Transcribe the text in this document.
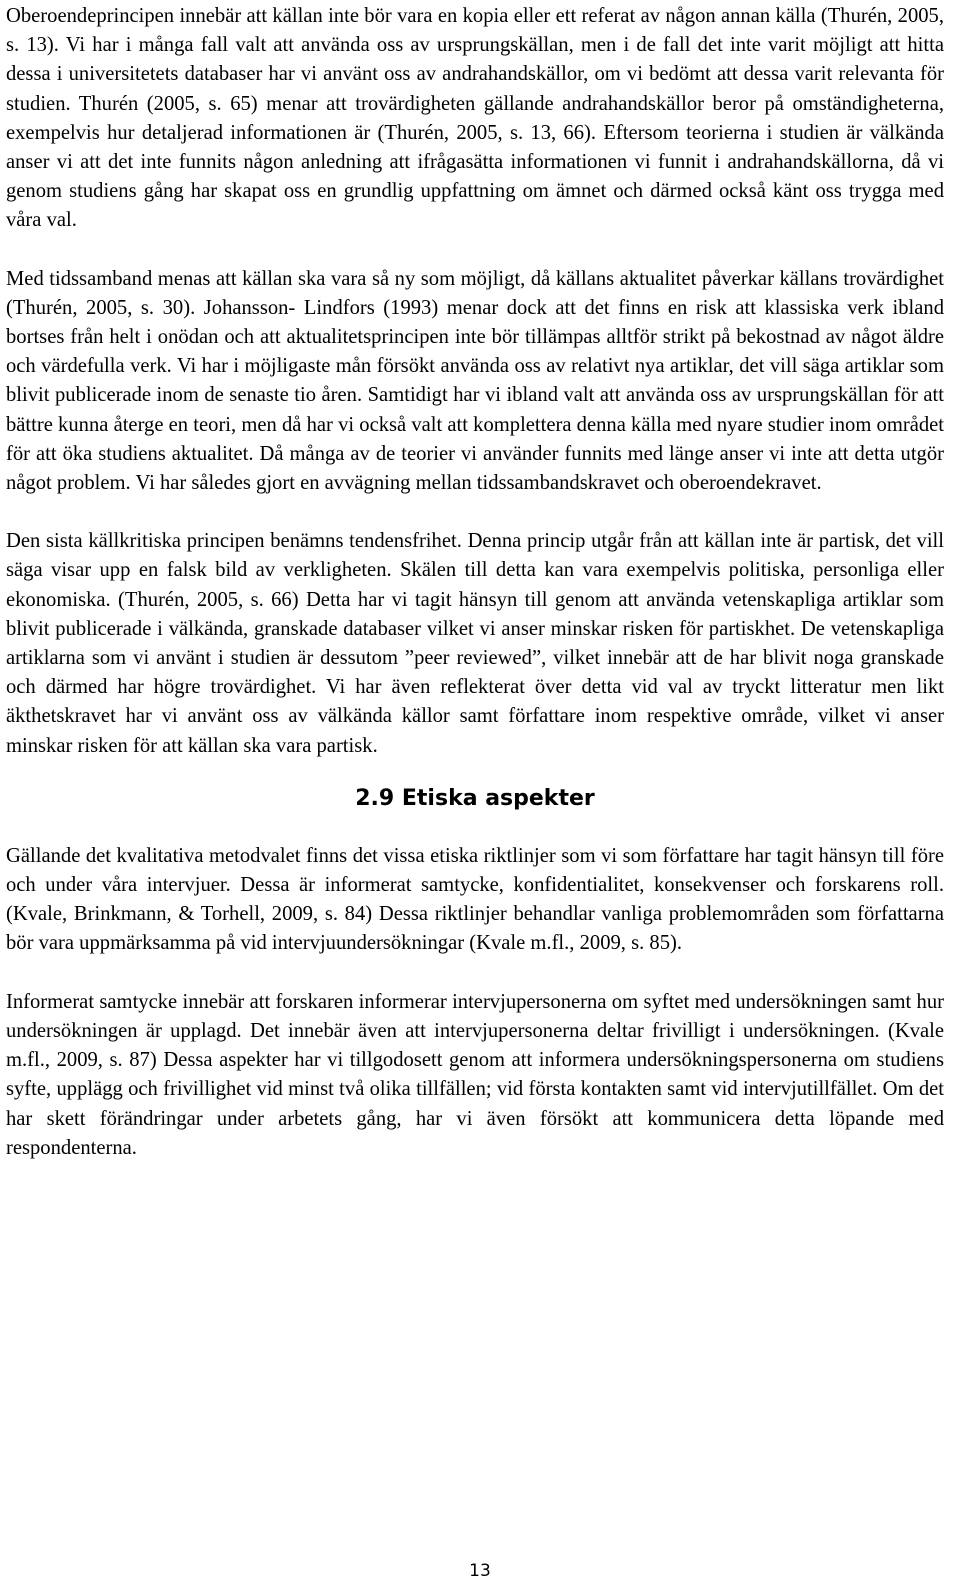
Oberoendeprincipen innebär att källan inte bör vara en kopia eller ett referat av någon annan källa (Thurén, 2005, s. 13). Vi har i många fall valt att använda oss av ursprungskällan, men i de fall det inte varit möjligt att hitta dessa i universitetets databaser har vi använt oss av andrahandskällor, om vi bedömt att dessa varit relevanta för studien. Thurén (2005, s. 65) menar att trovärdigheten gällande andrahandskällor beror på omständigheterna, exempelvis hur detaljerad informationen är (Thurén, 2005, s. 13, 66). Eftersom teorierna i studien är välkända anser vi att det inte funnits någon anledning att ifrågasätta informationen vi funnit i andrahandskällorna, då vi genom studiens gång har skapat oss en grundlig uppfattning om ämnet och därmed också känt oss trygga med våra val.

Med tidssamband menas att källan ska vara så ny som möjligt, då källans aktualitet påverkar källans trovärdighet (Thurén, 2005, s. 30). Johansson- Lindfors (1993) menar dock att det finns en risk att klassiska verk ibland bortses från helt i onödan och att aktualitetsprincipen inte bör tillämpas alltför strikt på bekostnad av något äldre och värdefulla verk. Vi har i möjligaste mån försökt använda oss av relativt nya artiklar, det vill säga artiklar som blivit publicerade inom de senaste tio åren. Samtidigt har vi ibland valt att använda oss av ursprungskällan för att bättre kunna återge en teori, men då har vi också valt att komplettera denna källa med nyare studier inom området för att öka studiens aktualitet. Då många av de teorier vi använder funnits med länge anser vi inte att detta utgör något problem. Vi har således gjort en avvägning mellan tidssambandskravet och oberoendekravet.

Den sista källkritiska principen benämns tendensfrihet. Denna princip utgår från att källan inte är partisk, det vill säga visar upp en falsk bild av verkligheten. Skälen till detta kan vara exempelvis politiska, personliga eller ekonomiska. (Thurén, 2005, s. 66) Detta har vi tagit hänsyn till genom att använda vetenskapliga artiklar som blivit publicerade i välkända, granskade databaser vilket vi anser minskar risken för partiskhet. De vetenskapliga artiklarna som vi använt i studien är dessutom ”peer reviewed”, vilket innebär att de har blivit noga granskade och därmed har högre trovärdighet. Vi har även reflekterat över detta vid val av tryckt litteratur men likt äkthetskravet har vi använt oss av välkända källor samt författare inom respektive område, vilket vi anser minskar risken för att källan ska vara partisk.

2.9 Etiska aspekter

Gällande det kvalitativa metodvalet finns det vissa etiska riktlinjer som vi som författare har tagit hänsyn till före och under våra intervjuer. Dessa är informerat samtycke, konfidentialitet, konsekvenser och forskarens roll. (Kvale, Brinkmann, & Torhell, 2009, s. 84) Dessa riktlinjer behandlar vanliga problemområden som författarna bör vara uppmärksamma på vid intervjuundersökningar (Kvale m.fl., 2009, s. 85).

Informerat samtycke innebär att forskaren informerar intervjupersonerna om syftet med undersökningen samt hur undersökningen är upplagd. Det innebär även att intervjupersonerna deltar frivilligt i undersökningen. (Kvale m.fl., 2009, s. 87) Dessa aspekter har vi tillgodosett genom att informera undersökningspersonerna om studiens syfte, upplägg och frivillighet vid minst två olika tillfällen; vid första kontakten samt vid intervjutillfället. Om det har skett förändringar under arbetets gång, har vi även försökt att kommunicera detta löpande med respondenterna.

13
